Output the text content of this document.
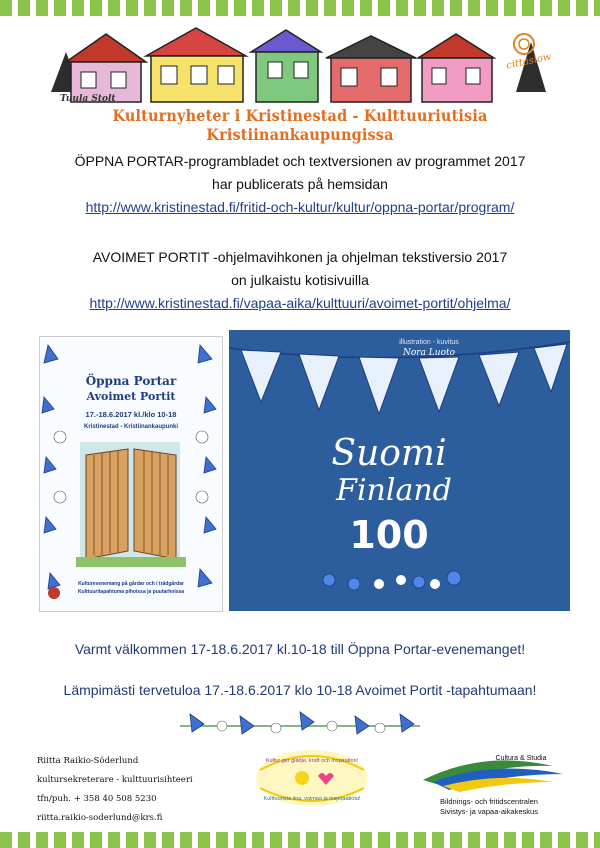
Tuula Stolt
cittaslow
Kulturnyheter i Kristinestad - Kulttuuriutisia Kristiinankaupungissa
ÖPPNA PORTAR-programbladet och textversionen av programmet 2017
har publicerats på hemsidan
http://www.kristinestad.fi/fritid-och-kultur/kultur/oppna-portar/program/
AVOIMET PORTIT -ohjelmavihkonen ja ohjelman tekstiversio 2017
on julkaistu kotisivuilla
http://www.kristinestad.fi/vapaa-aika/kulttuuri/avoimet-portit/ohjelma/
Öppna Portar
Avoimet Portit
17.-18.6.2017 kl./klo 10-18
Kristinestad - Kristiinankaupunki
Kulturevenemang på gårdar och i trädgårdar
Kulttuuritapahtuma pihoissa ja puutarhoissa
illustration - kuvitus
Nora Luoto
Suomi
Finland
100
Varmt välkommen 17-18.6.2017 kl.10-18 till Öppna Portar-evenemanget!
Lämpimästi tervetuloa 17.-18.6.2017 klo 10-18 Avoimet Portit -tapahtumaan!
Riitta Raikio-Söderlund
kultursekreterare - kulttuurisihteeri
tfn/puh. + 358 40 508 5230
riitta.raikio-soderlund@krs.fi
Kultur ger glädje, kraft och inspiration!
Kulttuurista iloa, voimaa ja inspiraatiota!
Cultura & Studia
Bildnings- och fritidscentralen
Sivistys- ja vapaa-aikakeskus
